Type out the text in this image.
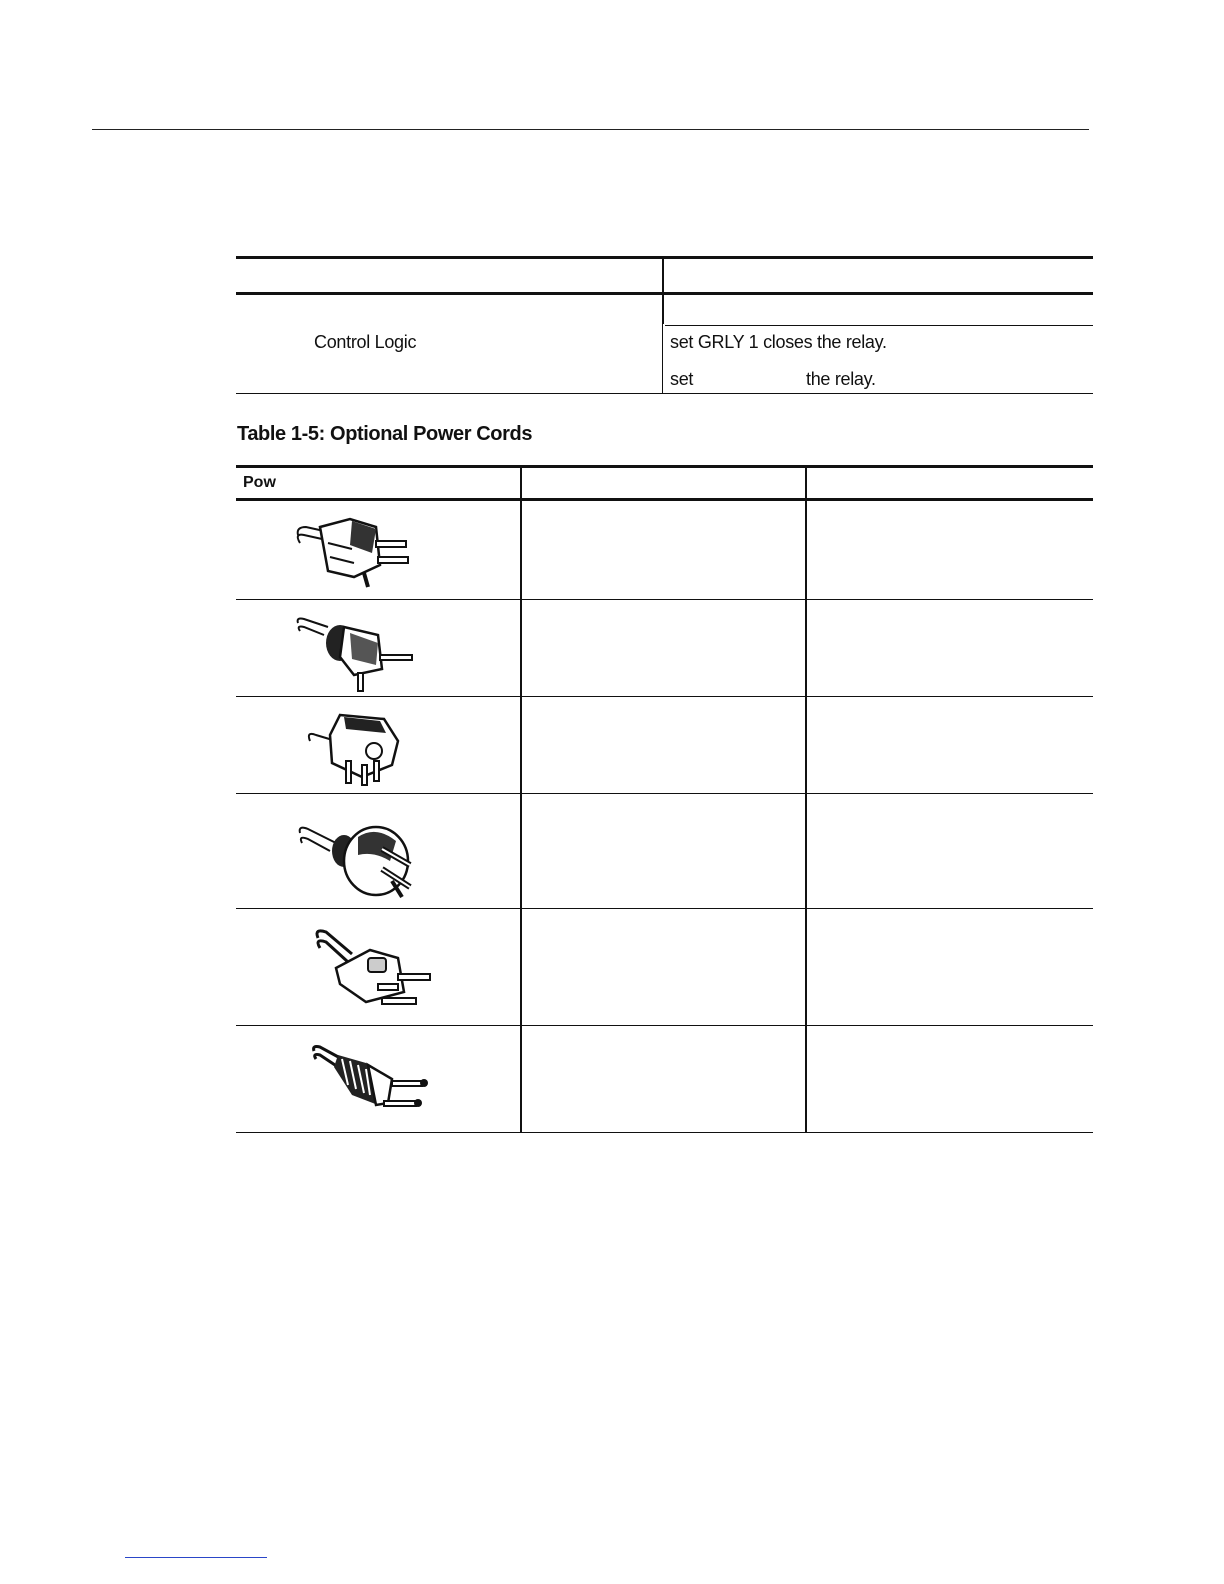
Control Logic	set GRLY 1 closes the relay.
set	the relay.
Table 1-5: Optional Power Cords
Pow
